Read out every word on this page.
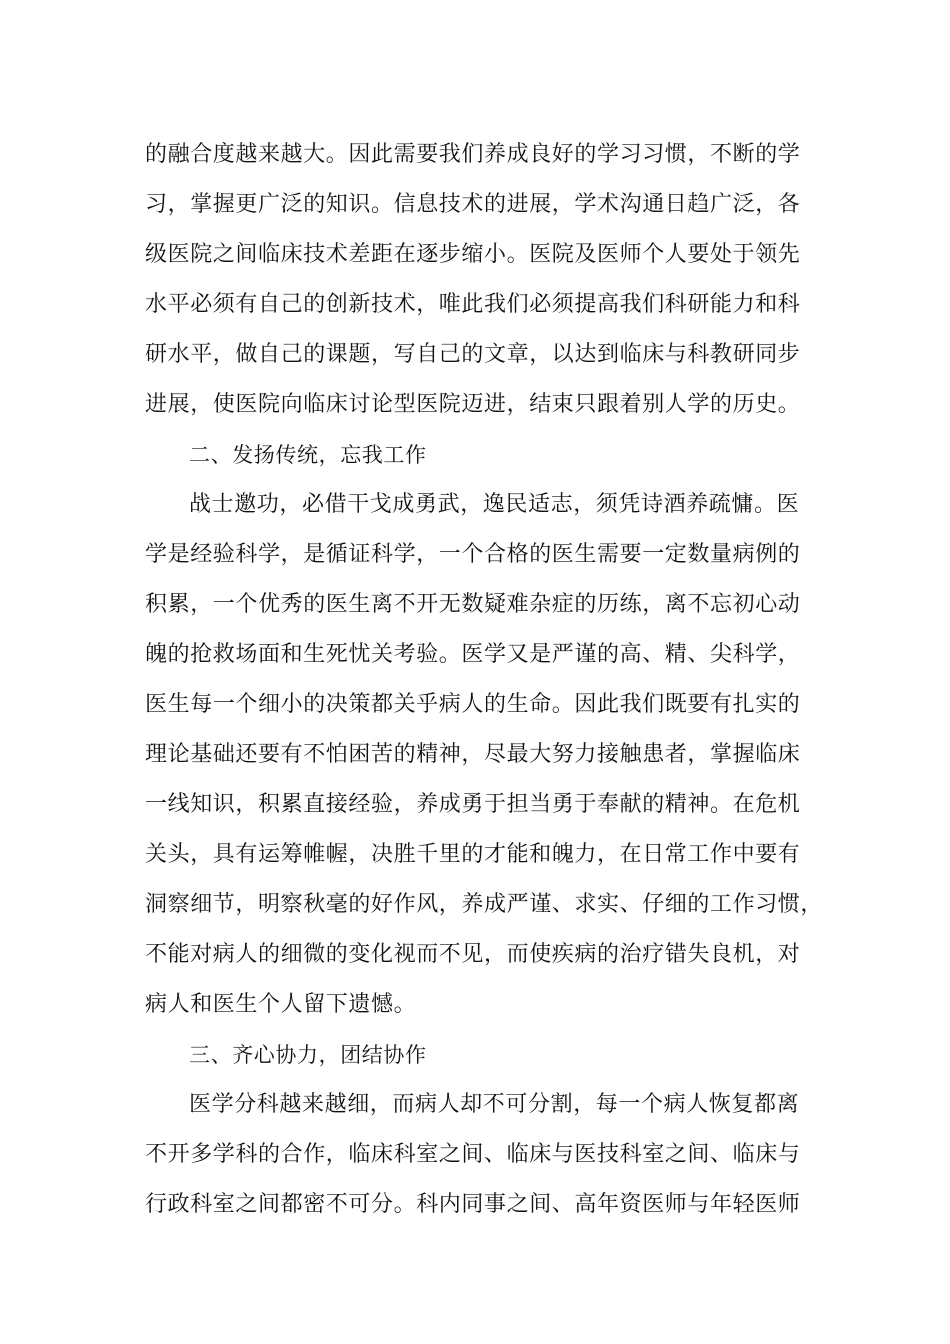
的融合度越来越大。因此需要我们养成良好的学习习惯，不断的学
习，掌握更广泛的知识。信息技术的进展，学术沟通日趋广泛，各
级医院之间临床技术差距在逐步缩小。医院及医师个人要处于领先
水平必须有自己的创新技术，唯此我们必须提高我们科研能力和科
研水平，做自己的课题，写自己的文章，以达到临床与科教研同步
进展，使医院向临床讨论型医院迈进，结束只跟着别人学的历史。
二、发扬传统，忘我工作
战士邀功，必借干戈成勇武，逸民适志，须凭诗酒养疏慵。医
学是经验科学，是循证科学，一个合格的医生需要一定数量病例的
积累，一个优秀的医生离不开无数疑难杂症的历练，离不忘初心动
魄的抢救场面和生死忧关考验。医学又是严谨的高、精、尖科学，
医生每一个细小的决策都关乎病人的生命。因此我们既要有扎实的
理论基础还要有不怕困苦的精神，尽最大努力接触患者，掌握临床
一线知识，积累直接经验，养成勇于担当勇于奉献的精神。在危机
关头，具有运筹帷幄，决胜千里的才能和魄力，在日常工作中要有
洞察细节，明察秋毫的好作风，养成严谨、求实、仔细的工作习惯，
不能对病人的细微的变化视而不见，而使疾病的治疗错失良机，对
病人和医生个人留下遗憾。
三、齐心协力，团结协作
医学分科越来越细，而病人却不可分割，每一个病人恢复都离
不开多学科的合作，临床科室之间、临床与医技科室之间、临床与
行政科室之间都密不可分。科内同事之间、高年资医师与年轻医师
